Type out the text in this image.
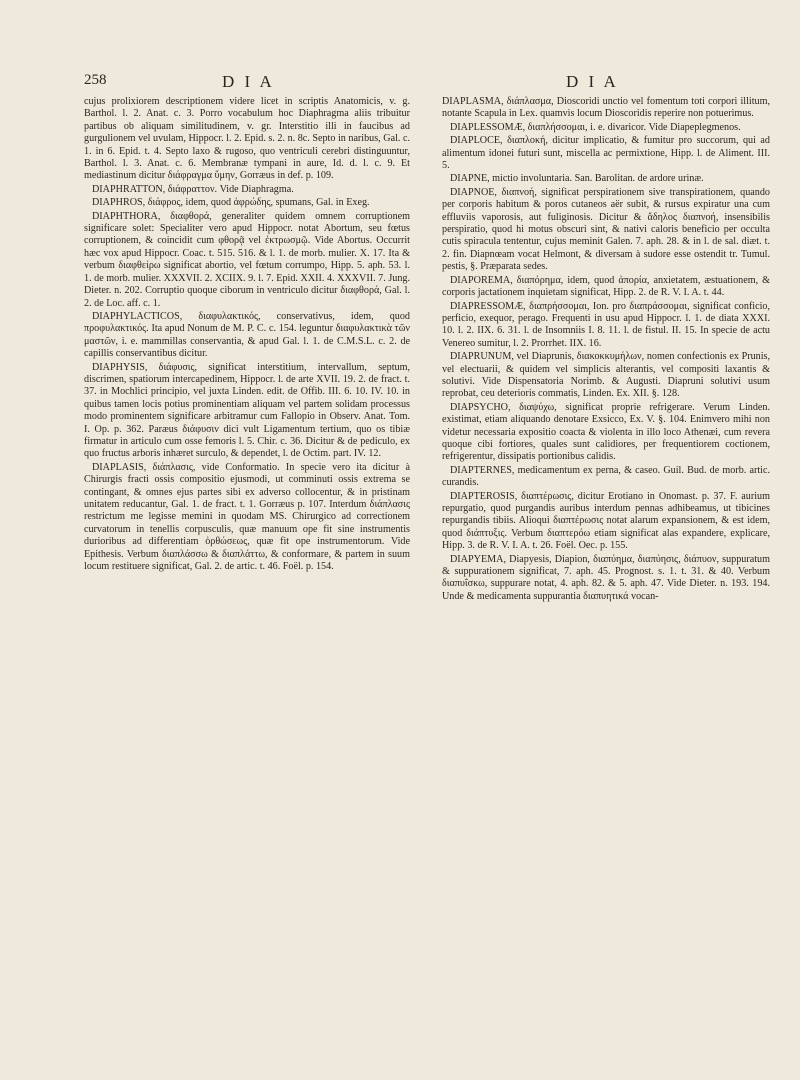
258	D I A	D I A

cujus prolixiorem descriptionem videre licet in scriptis Anatomicis, v. g. Barthol. l. 2. Anat. c. 3. Porro vocabulum hoc Diaphragma aliis tribuitur partibus ob aliquam similitudinem, v. gr. Interstitio illi in faucibus ad gurgulionem vel uvulam, Hippocr. l. 2. Epid. s. 2. n. 8c. Septo in naribus, Gal. c. 1. in 6. Epid. t. 4. Septo laxo & rugoso, quo ventriculi cerebri distinguuntur, Barthol. l. 3. Anat. c. 6. Membranæ tympani in aure, Id. d. l. c. 9. Et mediastinum dicitur διάφραγμα ὕμην, Gorræus in def. p. 109.

DIAPHRATTON, διάφραττον. Vide Diaphragma.

DIAPHROS, διάφρος, idem, quod ἀφρώδης, spumans, Gal. in Exeg.

DIAPHTHORA, διαφθορά, generaliter quidem omnem corruptionem significare solet: Specialiter vero apud Hippocr. notat Abortum, seu fœtus corruptionem, & coincidit cum φθορᾷ vel ἐκτρωσμῷ. Vide Abortus. Occurrit hæc vox apud Hippocr. Coac. t. 515. 516. & l. 1. de morb. mulier. X. 17. Ita & verbum διαφθείρω significat abortio, vel fœtum corrumpo, Hipp. 5. aph. 53. l. 1. de morb. mulier. XXXVII. 2. XCIIX. 9. l. 7. Epid. XXII. 4. XXXVII. 7. Jung. Dieter. n. 202. Corruptio quoque ciborum in ventriculo dicitur διαφθορά, Gal. l. 2. de Loc. aff. c. 1.

DIAPHYLACTICOS, διαφυλακτικός, conservativus, idem, quod προφυλακτικός. Ita apud Nonum de M. P. C. c. 154. leguntur διαφυλακτικὰ τῶν μαστῶν, i. e. mammillas conservantia, & apud Gal. l. 1. de C.M.S.L. c. 2. de capillis conservantibus dicitur.

DIAPHYSIS, διάφυσις, significat interstitium, intervallum, septum, discrimen, spatiorum intercapedinem, Hippocr. l. de arte XVII. 19. 2. de fract. t. 37. in Mochlici principio, vel juxta Linden. edit. de Offib. III. 6. 10. IV. 10. in quibus tamen locis potius prominentiam aliquam vel partem solidam processus modo prominentem significare arbitramur cum Fallopio in Observ. Anat. Tom. I. Op. p. 362. Paræus διάφυσιν dici vult Ligamentum tertium, quo os tibiæ firmatur in articulo cum osse femoris l. 5. Chir. c. 36. Dicitur & de pediculo, ex quo fructus arboris inhæret surculo, & dependet, l. de Octim. part. IV. 12.

DIAPLASIS, διάπλασις, vide Conformatio. In specie vero ita dicitur à Chirurgis fracti ossis compositio ejusmodi, ut comminuti ossis extrema se contingant, & omnes ejus partes sibi ex adverso collocentur, & in pristinam unitatem reducantur, Gal. 1. de fract. t. 1. Gorræus p. 107. Interdum διάπλασις restrictum me legisse memini in quodam MS. Chirurgico ad correctionem curvatorum in tenellis corpusculis, quæ manuum ope fit sine instrumentis durioribus ad differentiam ὀρθώσεως, quæ fit ope instrumentorum. Vide Epithesis. Verbum διαπλάσσω & διαπλάττω, & conformare, & partem in suum locum restituere significat, Gal. 2. de artic. t. 46. Foël. p. 154.

DIAPLASMA, διάπλασμα, Dioscoridi unctio vel fomentum toti corpori illitum, notante Scapula in Lex. quamvis locum Dioscoridis reperire non potuerimus.

DIAPLESSOMÆ, διαπλήσσομαι, i. e. divaricor. Vide Diapeplegmenos.

DIAPLOCE, διαπλοκή, dicitur implicatio, & fumitur pro succorum, qui ad alimentum idonei futuri sunt, miscella ac permixtione, Hipp. l. de Aliment. III. 5.

DIAPNE, mictio involuntaria. San. Barolitan. de ardore urinæ.

DIAPNOE, διαπνοή, significat perspirationem sive transpirationem, quando per corporis habitum & poros cutaneos aër subit, & rursus expiratur una cum effluviis vaporosis, aut fuliginosis. Dicitur & ἄδηλος διαπνοή, insensibilis perspiratio, quod hi motus obscuri sint, & nativi caloris beneficio per occulta cutis spiracula tententur, cujus meminit Galen. 7. aph. 28. & in l. de sal. diæt. t. 2. fin. Diapnœam vocat Helmont, & diversam à sudore esse ostendit tr. Tumul. pestis, §. Præparata sedes.

DIAPOREMA, διαπόρημα, idem, quod ἀπορία, anxietatem, æstuationem, & corporis jactationem inquietam significat, Hipp. 2. de R. V. I. A. t. 44.

DIAPRESSOMÆ, διαπρήσσομαι, Ion. pro διαπράσσομαι, significat conficio, perficio, exequor, perago. Frequenti in usu apud Hippocr. l. 1. de diata XXXI. 10. l. 2. IIX. 6. 31. l. de Insomniis I. 8. 11. l. de fistul. II. 15. In specie de actu Venereo sumitur, l. 2. Prorrhet. IIX. 16.

DIAPRUNUM, vel Diaprunis, διακοκκυμήλων, nomen confectionis ex Prunis, vel electuarii, & quidem vel simplicis alterantis, vel compositi laxantis & solutivi. Vide Dispensatoria Norimb. & Augusti. Diapruni solutivi usum reprobat, ceu deterioris commatis, Linden. Ex. XII. §. 128.

DIAPSYCHO, διαψύχω, significat proprie refrigerare. Verum Linden. existimat, etiam aliquando denotare Exsicco, Ex. V. §. 104. Enimvero mihi non videtur necessaria expositio coacta & violenta in illo loco Athenæi, cum revera quoque cibi fortiores, quales sunt calidiores, per frequentiorem coctionem, refrigerentur, dissipatis portionibus calidis.

DIAPTERNES, medicamentum ex perna, & caseo. Guil. Bud. de morb. artic. curandis.

DIAPTEROSIS, διαπτέρωσις, dicitur Erotiano in Onomast. p. 37. F. aurium repurgatio, quod purgandis auribus interdum pennas adhibeamus, ut tibicines repurgandis tibiis. Alioqui διαπτέρωσις notat alarum expansionem, & est idem, quod διάπτυξις. Verbum διαπτερόω etiam significat alas expandere, explicare, Hipp. 3. de R. V. I. A. t. 26. Foël. Oec. p. 155.

DIAPYEMA, Diapyesis, Diapion, διαπύημα, διαπύησις, διάπυον, suppuratum & suppurationem significat, 7. aph. 45. Prognost. s. 1. t. 31. & 40. Verbum διαπυΐσκω, suppurare notat, 4. aph. 82. & 5. aph. 47. Vide Dieter. n. 193. 194. Unde & medicamenta suppurantia διαπυητικά vocan-
